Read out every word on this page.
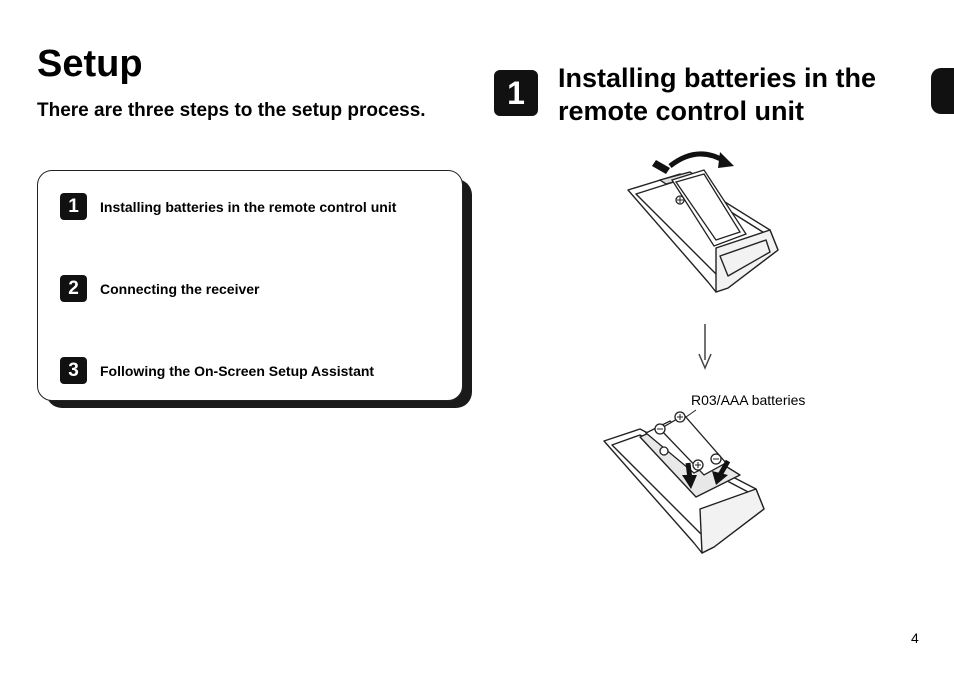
Setup
There are three steps to the setup process.
1	Installing batteries in the remote control unit
2	Connecting the receiver
3	Following the On-Screen Setup Assistant
1	Installing batteries in the remote control unit
R03/AAA batteries
4
